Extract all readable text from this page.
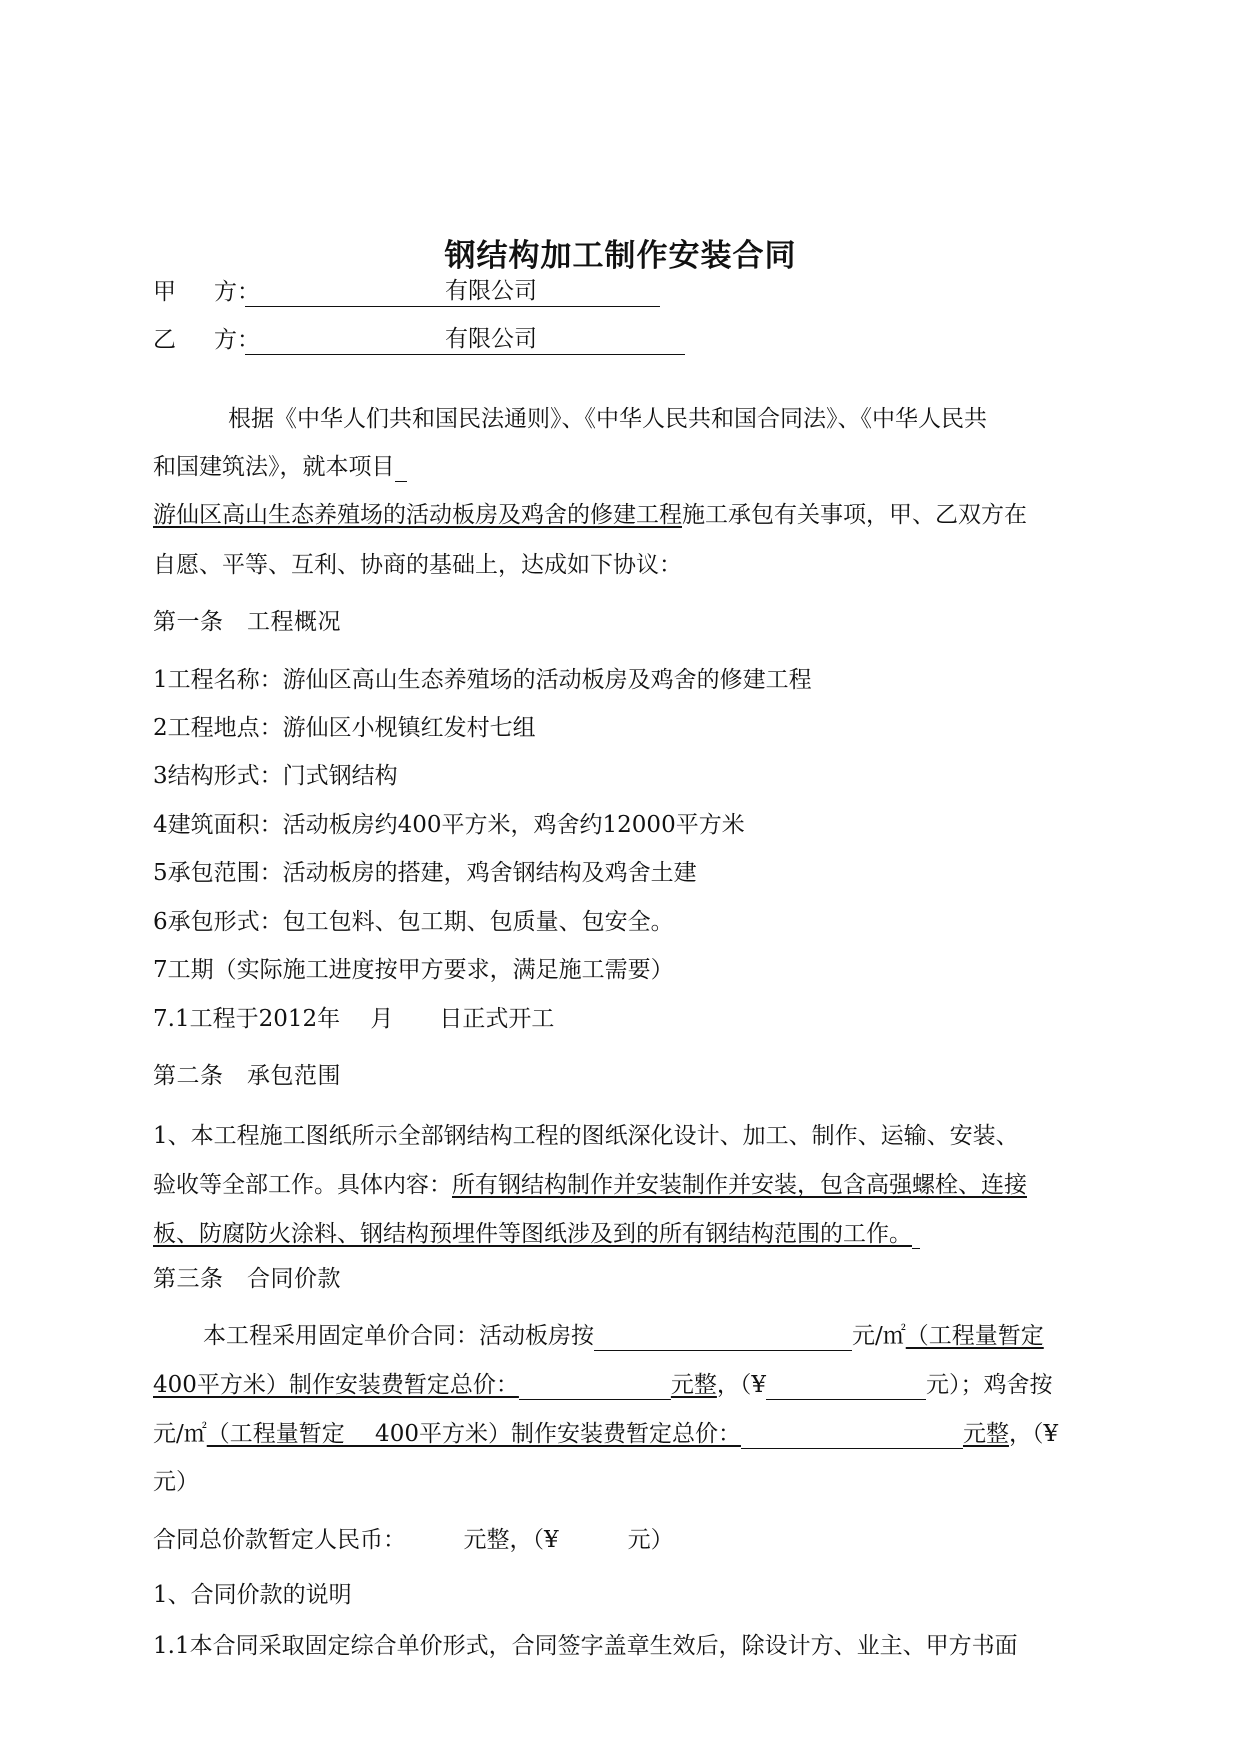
钢结构加工制作安装合同
甲 方：	有限公司
乙 方：	有限公司
根据《中华人们共和国民法通则》、《中华人民共和国合同法》、《中华人民共
和国建筑法》，就本项目
游仙区高山生态养殖场的活动板房及鸡舍的修建工程施工承包有关事项，甲、乙双方在
自愿、平等、互利、协商的基础上，达成如下协议：
第一条　工程概况
1工程名称：游仙区高山生态养殖场的活动板房及鸡舍的修建工程
2工程地点：游仙区小枧镇红发村七组
3结构形式：门式钢结构
4建筑面积：活动板房约400平方米，鸡舍约12000平方米
5承包范围：活动板房的搭建，鸡舍钢结构及鸡舍土建
6承包形式：包工包料、包工期、包质量、包安全。
7工期（实际施工进度按甲方要求，满足施工需要）
7.1工程于2012年　 月　　日正式开工
第二条　承包范围
1、本工程施工图纸所示全部钢结构工程的图纸深化设计、加工、制作、运输、安装、
验收等全部工作。具体内容：所有钢结构制作并安装制作并安装，包含高强螺栓、连接
板、防腐防火涂料、钢结构预埋件等图纸涉及到的所有钢结构范围的工作。
第三条　合同价款
本工程采用固定单价合同：活动板房按	元/㎡（工程量暂定
400平方米）制作安装费暂定总价：	元整，（¥	元）；鸡舍按
元/㎡（工程量暂定　 400平方米）制作安装费暂定总价：	元整，（¥
元）
合同总价款暂定人民币：　　　元整，（¥　　　元）
1、合同价款的说明
1.1本合同采取固定综合单价形式，合同签字盖章生效后，除设计方、业主、甲方书面
